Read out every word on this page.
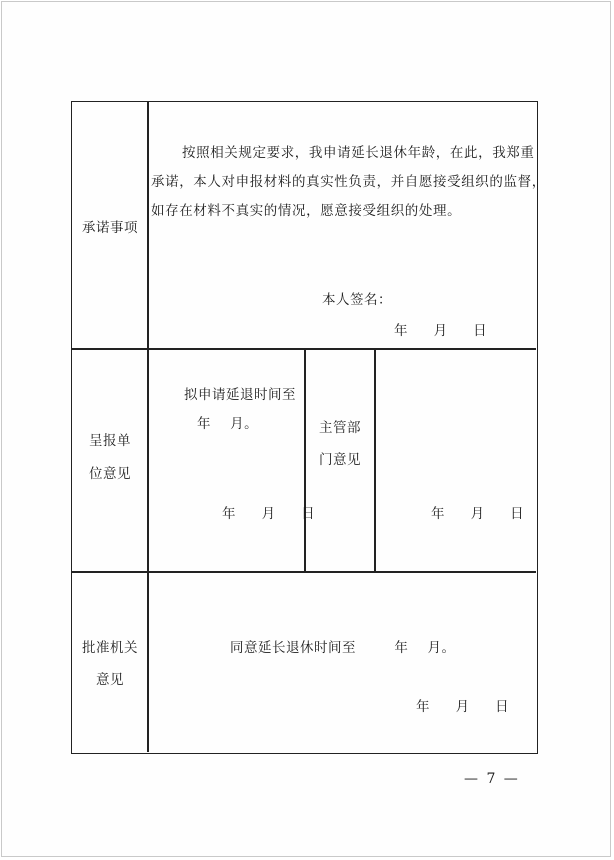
承诺事项
按照相关规定要求，我申请延长退休年龄，在此，我郑重
承诺，本人对申报材料的真实性负责，并自愿接受组织的监督，
如存在材料不真实的情况，愿意接受组织的处理。
本人签名：
年  月  日
呈报单
位意见
拟申请延退时间至
年    月。
年  月  日
主管部
门意见
年  月  日
批准机关
意见
同意延长退休时间至        年    月。
年  月  日
— 7 —
